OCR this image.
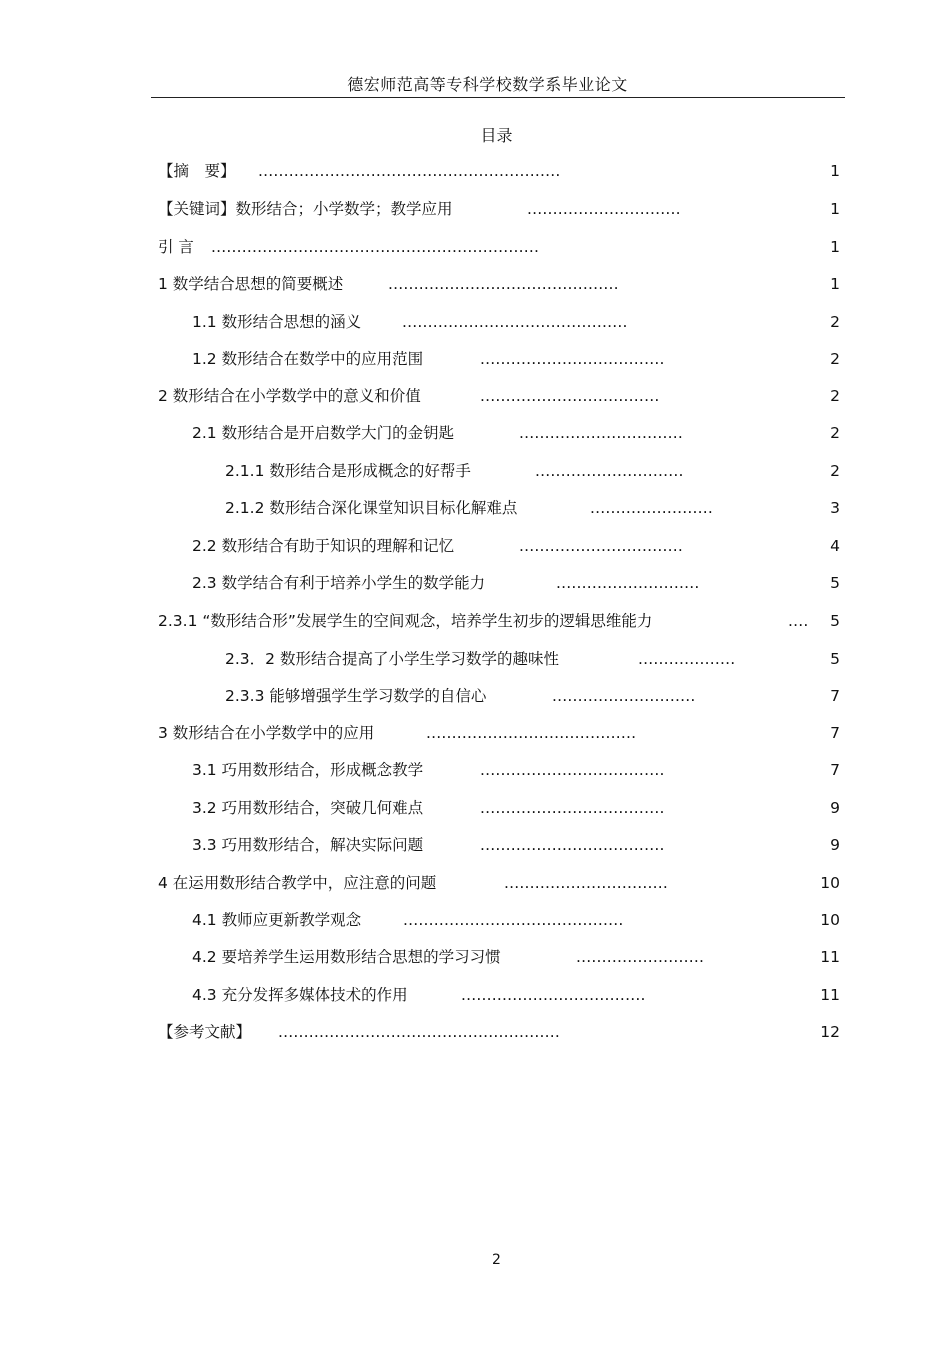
德宏师范高等专科学校数学系毕业论文
目录
【摘　要】 ...........................................................	1
【关键词】数形结合；小学数学；教学应用	..............................	1
引 言 ................................................................	1
1 数学结合思想的简要概述	.............................................	1
1.1 数形结合思想的涵义	............................................	2
1.2 数形结合在数学中的应用范围	....................................	2
2 数形结合在小学数学中的意义和价值	...................................	2
2.1 数形结合是开启数学大门的金钥匙	................................	2
2.1.1 数形结合是形成概念的好帮手	.............................	2
2.1.2 数形结合深化课堂知识目标化解难点	........................	3
2.2 数形结合有助于知识的理解和记忆	................................	4
2.3 数学结合有利于培养小学生的数学能力	............................	5
2.3.1 “数形结合形”发展学生的空间观念，培养学生初步的逻辑思维能力	....	5
2.3．2 数形结合提高了小学生学习数学的趣味性	...................	5
2.3.3 能够增强学生学习数学的自信心	............................	7
3 数形结合在小学数学中的应用	.........................................	7
3.1 巧用数形结合，形成概念教学	....................................	7
3.2 巧用数形结合，突破几何难点	....................................	9
3.3 巧用数形结合，解决实际问题	....................................	9
4 在运用数形结合教学中，应注意的问题	................................	10
4.1 教师应更新教学观念	...........................................	10
4.2 要培养学生运用数形结合思想的学习习惯	.........................	11
4.3 充分发挥多媒体技术的作用	....................................	11
【参考文献】 .......................................................	12
2
